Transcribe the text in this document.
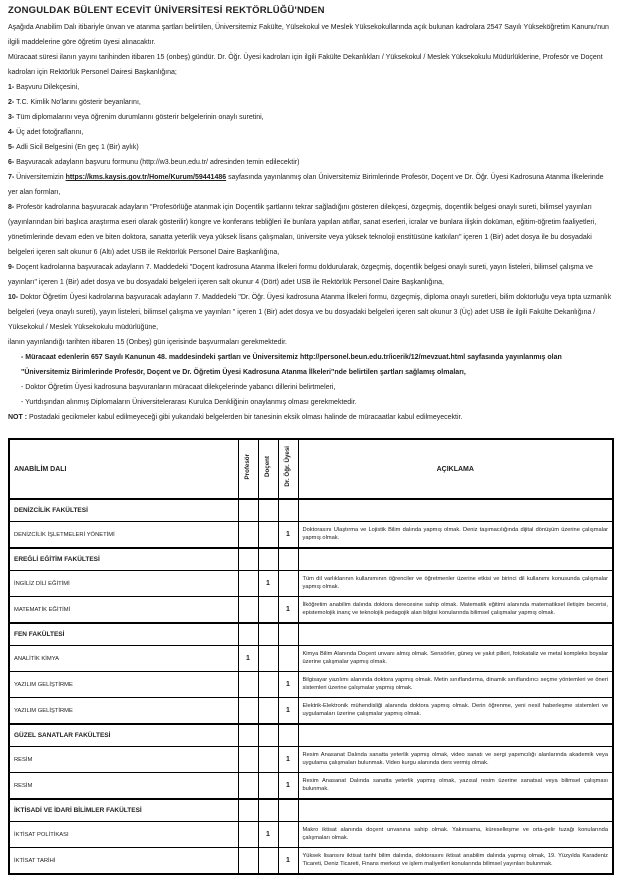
ZONGULDAK BÜLENT ECEVİT ÜNİVERSİTESİ REKTÖRLÜĞÜ'NDEN
Aşağıda Anabilim Dalı itibariyle ünvan ve atanma şartları belirtilen, Üniversitemiz Fakülte, Yülsekokul ve Meslek Yüksekokullarında açık bulunan kadrolara 2547 Sayılı Yükseköğretim Kanunu'nun ilgili maddelerine göre öğretim üyesi alınacaktır.
Müracaat süresi ilanın yayını tarihinden itibaren 15 (onbeş) gündür. Dr. Öğr. Üyesi kadroları için ilgili Fakülte Dekanlıkları / Yüksekokul / Meslek Yüksekokulu Müdürlüklerine, Profesör ve Doçent kadroları için Rektörlük Personel Dairesi Başkanlığına;
1- Başvuru Dilekçesini,
2- T.C. Kimlik No'larını gösterir beyanlarını,
3- Tüm diplomalarını veya öğrenim durumlarını gösterir belgelerinin onaylı suretini,
4- Üç adet fotoğraflarını,
5- Adli Sicil Belgesini (En geç 1 (Bir) aylık)
6- Başvuracak adayların başvuru formunu (http://w3.beun.edu.tr/ adresinden temin edilecektir)
7- Üniversitemizin https://kms.kaysis.gov.tr/Home/Kurum/59441486 sayfasında yayınlanmış olan Üniversitemiz Birimlerinde Profesör, Doçent ve Dr. Öğr. Üyesi Kadrosuna Atanma İlkelerinde yer alan formları,
8- Profesör kadrolarına başvuracak adayların "Profesörlüğe atanmak için Doçentlik şartlarını tekrar sağladığını gösteren dilekçesi, özgeçmiş, doçentlik belgesi onaylı sureti, bilimsel yayınları (yayınlarından biri başlıca araştırma eseri olarak gösterilir) kongre ve konferans tebliğleri ile bunlara yapılan atıflar, sanat eserleri, icralar ve bunlara ilişkin doküman, eğitim-öğretim faaliyetleri, yönetimlerinde devam eden ve biten doktora, sanatta yeterlik veya yüksek lisans çalışmaları, üniversite veya yüksek teknoloji enstitüsüne katkıları" içeren 1 (Bir) adet dosya ile bu dosyadaki belgeleri içeren salt okunur 6 (Altı) adet USB ile Rektörlük Personel Daire Başkanlığına,
9- Doçent kadrolarına başvuracak adayların 7. Maddedeki "Doçent kadrosuna Atanma İlkeleri formu doldurularak, özgeçmiş, doçentlik belgesi onaylı sureti, yayın listeleri, bilimsel çalışma ve yayınları" içeren 1 (Bir) adet dosya ve bu dosyadaki belgeleri içeren salt okunur 4 (Dört) adet USB ile Rektörlük Personel Daire Başkanlığına,
10- Doktor Öğretim Üyesi kadrolarına başvuracak adayların 7. Maddedeki "Dr. Öğr. Üyesi kadrosuna Atanma İlkeleri formu, özgeçmiş, diploma onaylı suretleri, bilim doktorluğu veya tıpta uzmanlık belgeleri (veya onaylı sureti), yayın listeleri, bilimsel çalışma ve yayınları " içeren 1 (Bir) adet dosya ve bu dosyadaki belgeleri içeren salt okunur 3 (Üç) adet USB ile ilgili Fakülte Dekanlığına / Yüksekokul / Meslek Yüksekokulu müdürlüğüne,
ilanın yayınlandığı tarihten itibaren 15 (Onbeş) gün içerisinde başvurmaları gerekmektedir.
- Müracaat edenlerin 657 Sayılı Kanunun 48. maddesindeki şartları ve Üniversitemiz http://personel.beun.edu.tr/icerik/12/mevzuat.html sayfasında yayınlanmış olan "Üniversitemiz Birimlerinde Profesör, Doçent ve Dr. Öğretim Üyesi Kadrosuna Atanma İlkeleri"nde belirtilen şartları sağlamış olmaları,
- Doktor Öğretim Üyesi kadrosuna başvuranların müracaat dilekçelerinde yabancı dillerini belirtmeleri,
- Yurtdışından alınmış Diplomaların Üniversitelerarası Kurulca Denkliğinin onaylanmış olması gerekmektedir.
NOT : Postadaki gecikmeler kabul edilmeyeceği gibi yukarıdaki belgelerden bir tanesinin eksik olması halinde de müracaatlar kabul edilmeyecektir.
ANABİLİM DALI	Profesör	Doçent	Dr. Öğr. Üyesi	AÇIKLAMA
DENİZCİLİK FAKÜLTESİ				
DENİZCİLİK İŞLETMELERİ YÖNETİMİ			1	Doktorasını Ulaştırma ve Lojistik Bilim dalında yapmış olmak. Deniz taşımacılığında dijital dönüşüm üzerine çalışmalar yapmış olmak.
EREĞLİ EĞİTİM FAKÜLTESİ				
İNGİLİZ DİLİ EĞİTİMİ		1		Tüm dil varlıklarının kullanımının öğrenciler ve öğretmenler üzerine etkisi ve birinci dil kullanımı konusunda çalışmalar yapmış olmak.
MATEMATİK EĞİTİMİ			1	İlköğretim anabilim dalında doktora derecesine sahip olmak. Matematik eğitimi alanında matematiksel iletişim becerisi, epistemolojik inanç ve teknolojik pedagojik alan bilgisi konularında bilimsel çalışmalar yapmış olmak.
FEN FAKÜLTESİ				
ANALİTİK KİMYA	1			Kimya Bilim Alanında Doçent unvanı almış olmak. Sensörler, güneş ve yakıt pilleri, fotokataliz ve metal kompleks boyalar üzerine çalışmalar yapmış olmak.
YAZILIM GELİŞTİRME			1	Bilgisayar yazılımı alanında doktora yapmış olmak. Metin sınıflandırma, dinamik sınıflandırıcı seçme yöntemleri ve öneri sistemleri üzerine çalışmalar yapmış olmak.
YAZILIM GELİŞTİRME			1	Elektrik-Elektronik mühendisliği alanında doktora yapmış olmak. Derin öğrenme, yeni nesil haberleşme sistemleri ve uygulamaları üzerine çalışmalar yapmış olmak.
GÜZEL SANATLAR FAKÜLTESİ				
RESİM			1	Resim Anasanat Dalında sanatta yeterlik yapmış olmak, video sanatı ve sergi yapımcılığı alanlarında akademik veya uygulama çalışmaları bulunmak. Video kurgu alanında ders vermiş olmak.
RESİM			1	Resim Anasanat Dalında sanatta yeterlik yapmış olmak, yazısal resim üzerine sanatsal veya bilimsel çalışması bulunmak.
İKTİSADİ VE İDARİ BİLİMLER FAKÜLTESİ				
İKTİSAT POLİTİKASI		1		Makro iktisat alanında doçent unvanına sahip olmak. Yakınsama, küreselleşme ve orta-gelir tuzağı konularında çalışmaları olmak.
İKTİSAT TARİHİ			1	Yüksek lisansını iktisat tarihi bilim dalında, doktorasını iktisat anabilim dalında yapmış olmak, 19. Yüzyılda Karadeniz Ticareti, Deniz Ticareti, Finans merkezi ve işlem maliyetleri konularında bilimsel yayınları bulunmak.
